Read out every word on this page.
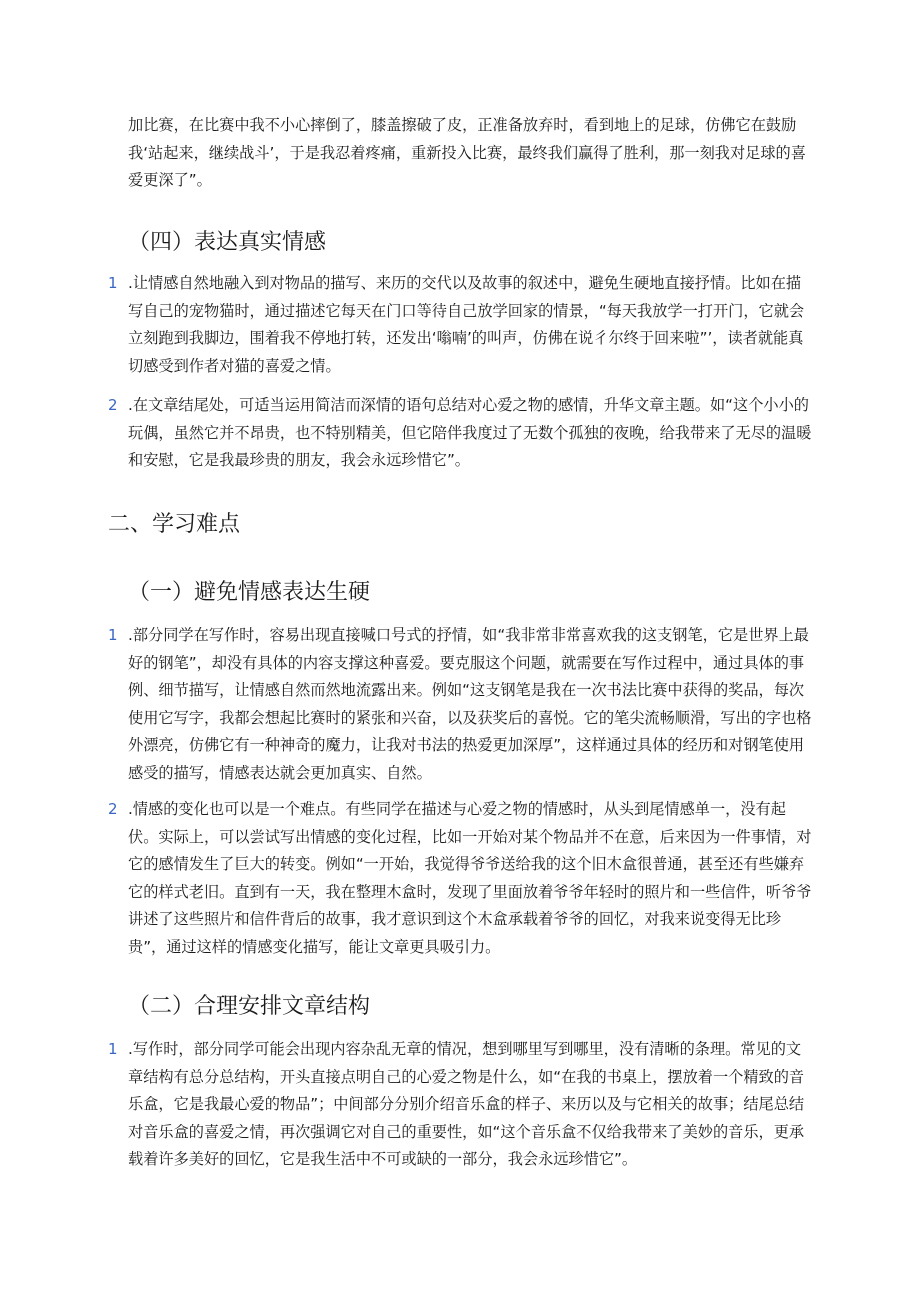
加比赛，在比赛中我不小心摔倒了，膝盖擦破了皮，正准备放弃时，看到地上的足球，仿佛它在鼓励我‘站起来，继续战斗’，于是我忍着疼痛，重新投入比赛，最终我们赢得了胜利，那一刻我对足球的喜爱更深了”。

（四）表达真实情感
1 .让情感自然地融入到对物品的描写、来历的交代以及故事的叙述中，避免生硬地直接抒情。比如在描写自己的宠物猫时，通过描述它每天在门口等待自己放学回家的情景，“每天我放学一打开门，它就会立刻跑到我脚边，围着我不停地打转，还发出‘嗡喃’的叫声，仿佛在说彳尔终于回来啦”’，读者就能真切感受到作者对猫的喜爱之情。

2 .在文章结尾处，可适当运用简洁而深情的语句总结对心爱之物的感情，升华文章主题。如“这个小小的玩偶，虽然它并不昂贵，也不特别精美，但它陪伴我度过了无数个孤独的夜晚，给我带来了无尽的温暖和安慰，它是我最珍贵的朋友，我会永远珍惜它”。

二、学习难点
（一）避免情感表达生硬
1 .部分同学在写作时，容易出现直接喊口号式的抒情，如“我非常非常喜欢我的这支钢笔，它是世界上最好的钢笔”，却没有具体的内容支撑这种喜爱。要克服这个问题，就需要在写作过程中，通过具体的事例、细节描写，让情感自然而然地流露出来。例如“这支钢笔是我在一次书法比赛中获得的奖品，每次使用它写字，我都会想起比赛时的紧张和兴奋，以及获奖后的喜悦。它的笔尖流畅顺滑，写出的字也格外漂亮，仿佛它有一种神奇的魔力，让我对书法的热爱更加深厚”，这样通过具体的经历和对钢笔使用感受的描写，情感表达就会更加真实、自然。

2 .情感的变化也可以是一个难点。有些同学在描述与心爱之物的情感时，从头到尾情感单一，没有起伏。实际上，可以尝试写出情感的变化过程，比如一开始对某个物品并不在意，后来因为一件事情，对它的感情发生了巨大的转变。例如“一开始，我觉得爷爷送给我的这个旧木盒很普通，甚至还有些嫌弃它的样式老旧。直到有一天，我在整理木盒时，发现了里面放着爷爷年轻时的照片和一些信件，听爷爷讲述了这些照片和信件背后的故事，我才意识到这个木盒承载着爷爷的回忆，对我来说变得无比珍贵”，通过这样的情感变化描写，能让文章更具吸引力。

（二）合理安排文章结构
1 .写作时，部分同学可能会出现内容杂乱无章的情况，想到哪里写到哪里，没有清晰的条理。常见的文章结构有总分总结构，开头直接点明自己的心爱之物是什么，如“在我的书桌上，摆放着一个精致的音乐盒，它是我最心爱的物品”；中间部分分别介绍音乐盒的样子、来历以及与它相关的故事；结尾总结对音乐盒的喜爱之情，再次强调它对自己的重要性，如“这个音乐盒不仅给我带来了美妙的音乐，更承载着许多美好的回忆，它是我生活中不可或缺的一部分，我会永远珍惜它”。
